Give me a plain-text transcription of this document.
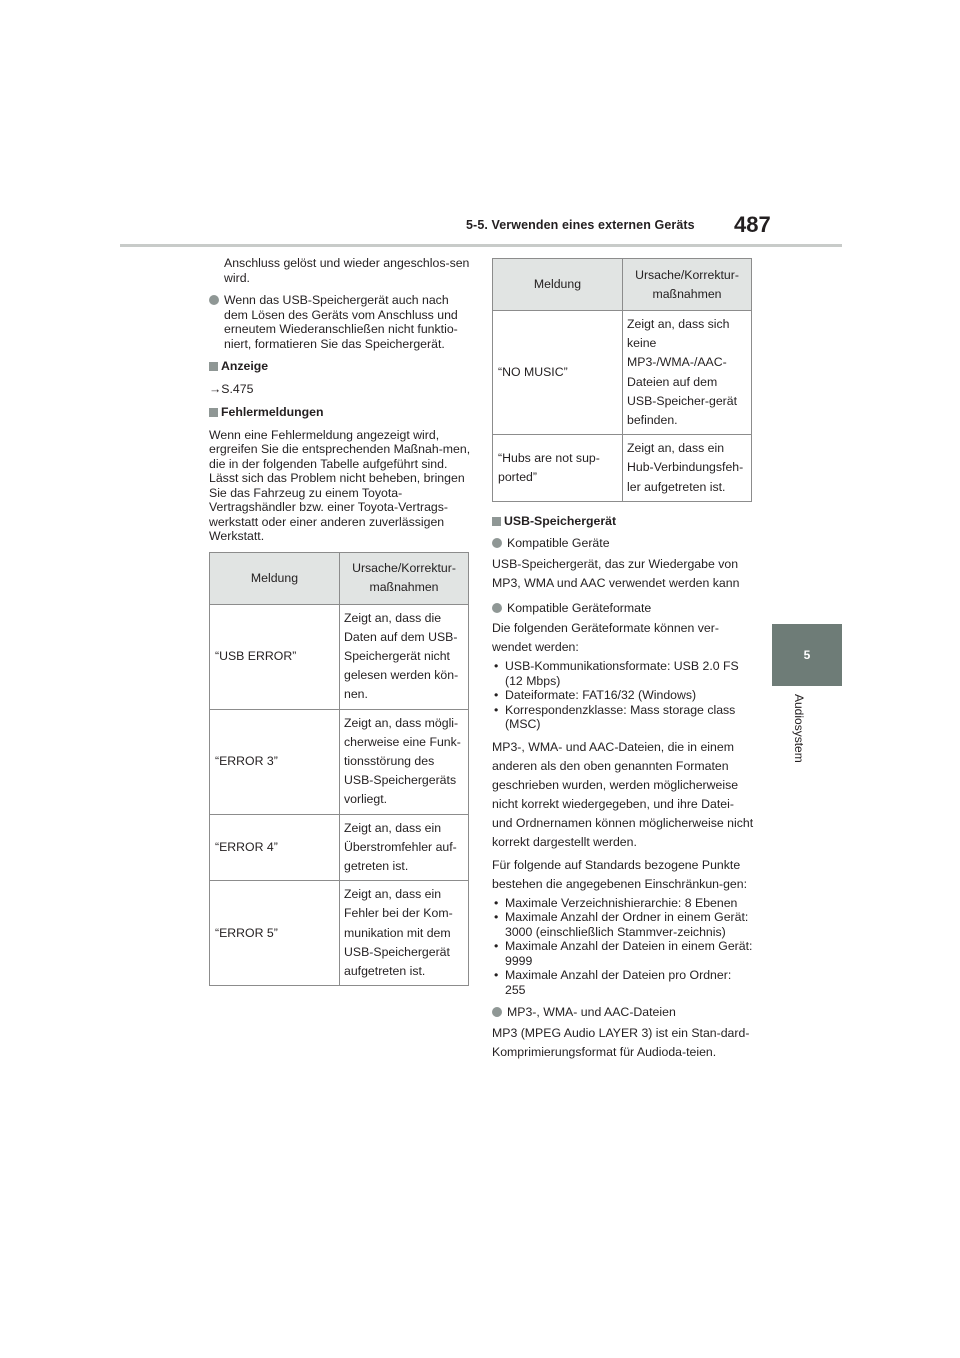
5-5. Verwenden eines externen Geräts 487
5
Audiosystem
Anschluss gelöst und wieder angeschlos-sen wird.
Wenn das USB-Speichergerät auch nach dem Lösen des Geräts vom Anschluss und erneutem Wiederanschließen nicht funktio-niert, formatieren Sie das Speichergerät.
Anzeige
→S.475
Fehlermeldungen
Wenn eine Fehlermeldung angezeigt wird, ergreifen Sie die entsprechenden Maßnah-men, die in der folgenden Tabelle aufgeführt sind. Lässt sich das Problem nicht beheben, bringen Sie das Fahrzeug zu einem Toyota-Vertragshändler bzw. einer Toyota-Vertrags-werkstatt oder einer anderen zuverlässigen Werkstatt.
Meldung	Ursache/Korrektur-maßnahmen
“USB ERROR”	Zeigt an, dass die Daten auf dem USB-Speichergerät nicht gelesen werden kön-nen.
“ERROR 3”	Zeigt an, dass mögli-cherweise eine Funk-tionsstörung des USB-Speichergeräts vorliegt.
“ERROR 4”	Zeigt an, dass ein Überstromfehler auf-getreten ist.
“ERROR 5”	Zeigt an, dass ein Fehler bei der Kom-munikation mit dem USB-Speichergerät aufgetreten ist.
Meldung	Ursache/Korrektur-maßnahmen
“NO MUSIC”	Zeigt an, dass sich keine MP3-/WMA-/AAC-Dateien auf dem USB-Speicher-gerät befinden.
“Hubs are not sup-ported”	Zeigt an, dass ein Hub-Verbindungsfeh-ler aufgetreten ist.
USB-Speichergerät
Kompatible Geräte
USB-Speichergerät, das zur Wiedergabe von MP3, WMA und AAC verwendet werden kann
Kompatible Geräteformate
Die folgenden Geräteformate können ver-wendet werden:
• USB-Kommunikationsformate: USB 2.0 FS (12 Mbps)
• Dateiformate: FAT16/32 (Windows)
• Korrespondenzklasse: Mass storage class (MSC)
MP3-, WMA- und AAC-Dateien, die in einem anderen als den oben genannten Formaten geschrieben wurden, werden möglicherweise nicht korrekt wiedergegeben, und ihre Datei- und Ordnernamen können möglicherweise nicht korrekt dargestellt werden.
Für folgende auf Standards bezogene Punkte bestehen die angegebenen Einschränkun-gen:
• Maximale Verzeichnishierarchie: 8 Ebenen
• Maximale Anzahl der Ordner in einem Gerät: 3000 (einschließlich Stammver-zeichnis)
• Maximale Anzahl der Dateien in einem Gerät: 9999
• Maximale Anzahl der Dateien pro Ordner: 255
MP3-, WMA- und AAC-Dateien
MP3 (MPEG Audio LAYER 3) ist ein Stan-dard-Komprimierungsformat für Audioda-teien.
